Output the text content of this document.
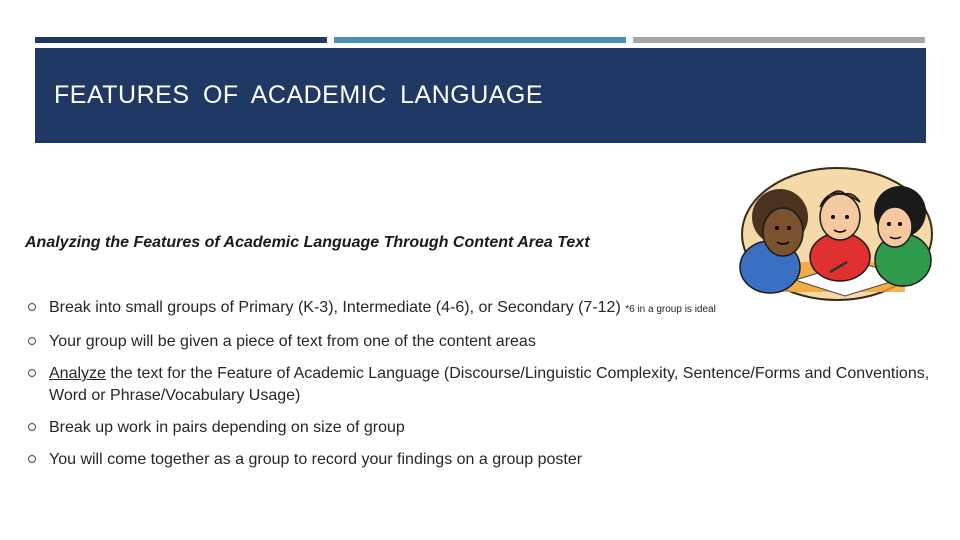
FEATURES OF ACADEMIC LANGUAGE
Analyzing the Features of Academic Language Through Content Area Text
Break into small groups of Primary (K-3), Intermediate (4-6), or Secondary (7-12) *6 in a group is ideal
Your group will be given a piece of text from one of the content areas
Analyze the text for the Feature of Academic Language (Discourse/Linguistic Complexity, Sentence/Forms and Conventions, Word or Phrase/Vocabulary Usage)
Break up work in pairs depending on size of group
You will come together as a group to record your findings on a group poster
